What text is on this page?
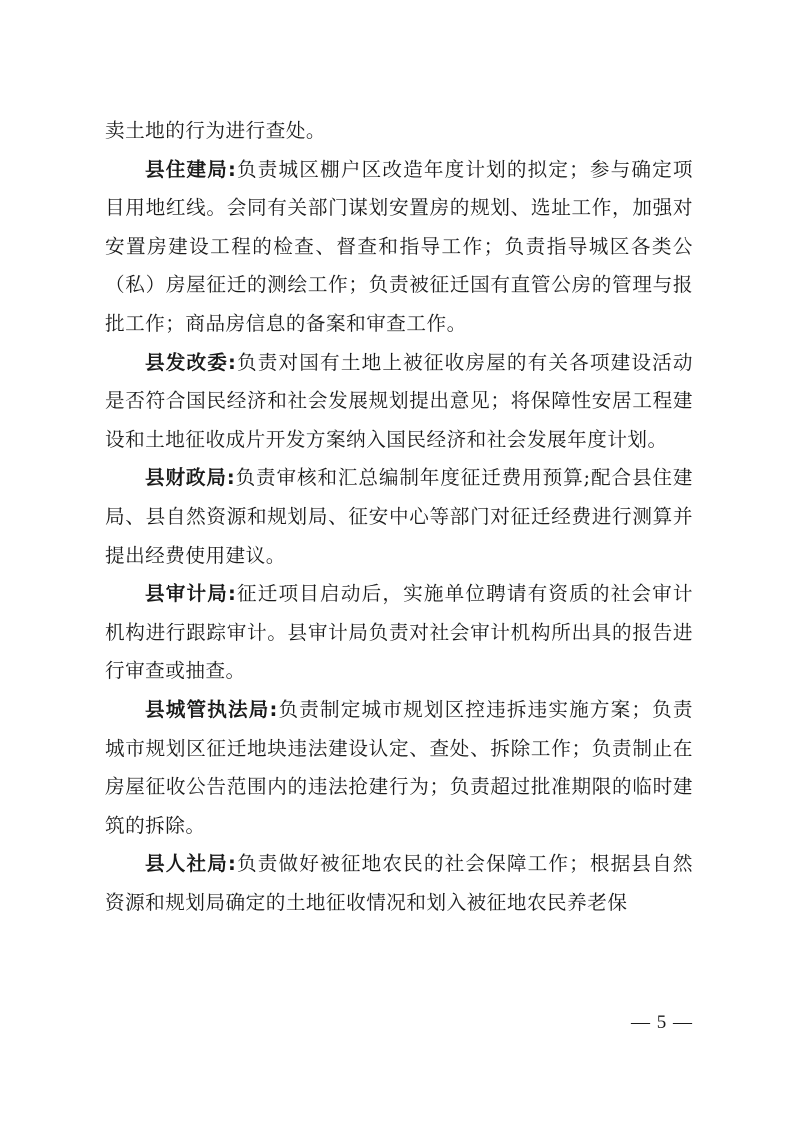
卖土地的行为进行查处。

县住建局:负责城区棚户区改造年度计划的拟定；参与确定项目用地红线。会同有关部门谋划安置房的规划、选址工作，加强对安置房建设工程的检查、督查和指导工作；负责指导城区各类公（私）房屋征迁的测绘工作；负责被征迁国有直管公房的管理与报批工作；商品房信息的备案和审查工作。

县发改委:负责对国有土地上被征收房屋的有关各项建设活动是否符合国民经济和社会发展规划提出意见；将保障性安居工程建设和土地征收成片开发方案纳入国民经济和社会发展年度计划。

县财政局:负责审核和汇总编制年度征迁费用预算;配合县住建局、县自然资源和规划局、征安中心等部门对征迁经费进行测算并提出经费使用建议。

县审计局:征迁项目启动后，实施单位聘请有资质的社会审计机构进行跟踪审计。县审计局负责对社会审计机构所出具的报告进行审查或抽查。

县城管执法局:负责制定城市规划区控违拆违实施方案；负责城市规划区征迁地块违法建设认定、查处、拆除工作；负责制止在房屋征收公告范围内的违法抢建行为；负责超过批准期限的临时建筑的拆除。

县人社局:负责做好被征地农民的社会保障工作；根据县自然资源和规划局确定的土地征收情况和划入被征地农民养老保

— 5 —
